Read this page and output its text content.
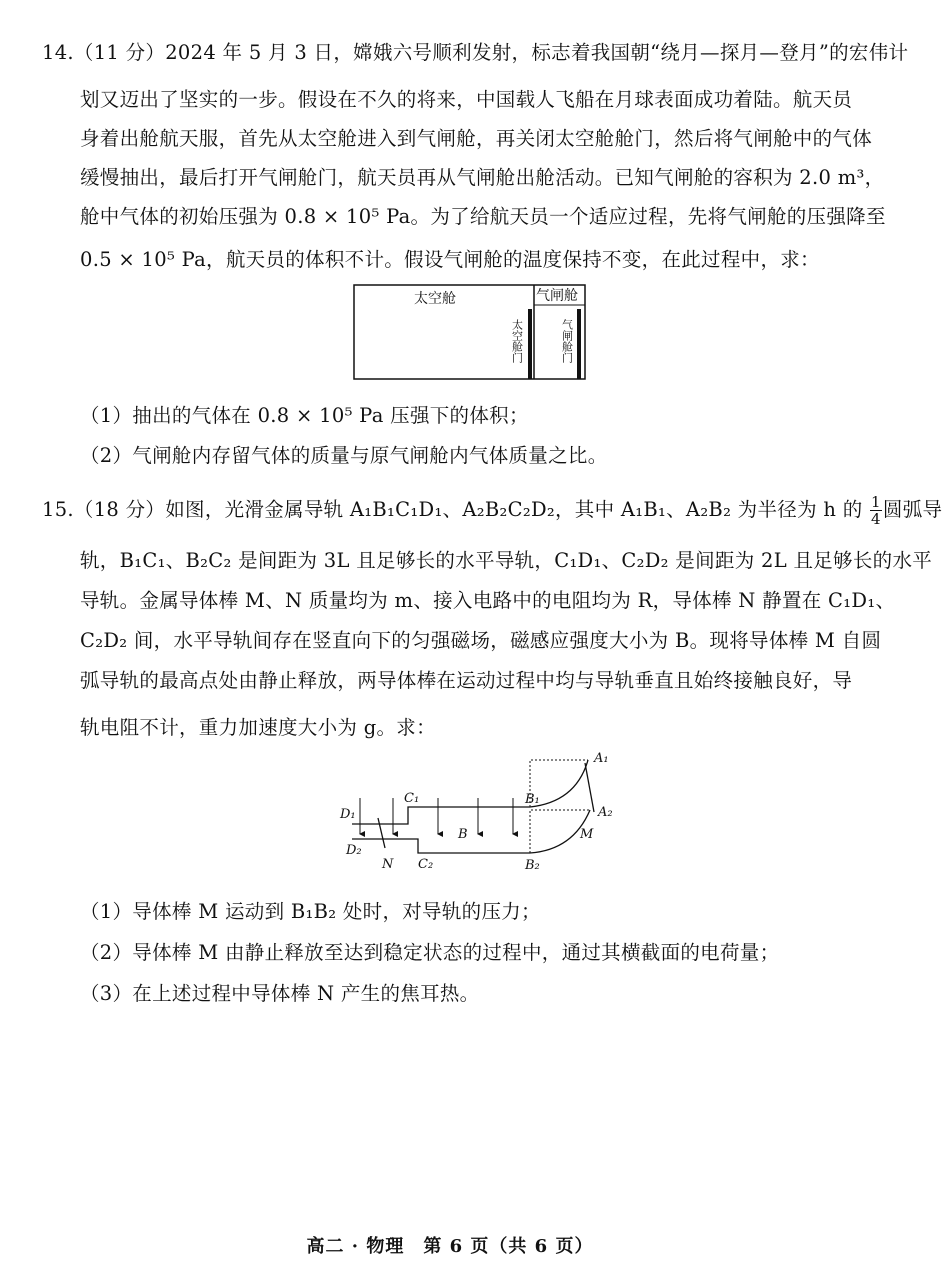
14.（11 分）2024 年 5 月 3 日，嫦娥六号顺利发射，标志着我国朝“绕月—探月—登月”的宏伟计
划又迈出了坚实的一步。假设在不久的将来，中国载人飞船在月球表面成功着陆。航天员
身着出舱航天服，首先从太空舱进入到气闸舱，再关闭太空舱舱门，然后将气闸舱中的气体
缓慢抽出，最后打开气闸舱门，航天员再从气闸舱出舱活动。已知气闸舱的容积为 2.0 m³，
舱中气体的初始压强为 0.8 × 10⁵ Pa。为了给航天员一个适应过程，先将气闸舱的压强降至
0.5 × 10⁵ Pa，航天员的体积不计。假设气闸舱的温度保持不变，在此过程中，求：
太空舱	气闸舱
太空舱门	气闸舱门
（1）抽出的气体在 0.8 × 10⁵ Pa 压强下的体积；
（2）气闸舱内存留气体的质量与原气闸舱内气体质量之比。
15.（18 分）如图，光滑金属导轨 A₁B₁C₁D₁、A₂B₂C₂D₂，其中 A₁B₁、A₂B₂ 为半径为 h 的 $\frac{1}{4}$ 圆弧导
轨，B₁C₁、B₂C₂ 是间距为 3L 且足够长的水平导轨，C₁D₁、C₂D₂ 是间距为 2L 且足够长的水平
导轨。金属导体棒 M、N 质量均为 m、接入电路中的电阻均为 R，导体棒 N 静置在 C₁D₁、
C₂D₂ 间，水平导轨间存在竖直向下的匀强磁场，磁感应强度大小为 B。现将导体棒 M 自圆
弧导轨的最高点处由静止释放，两导体棒在运动过程中均与导轨垂直且始终接触良好，导
轨电阻不计，重力加速度大小为 g。求：
A₁
A₂
B₁
B₂
C₁
C₂
D₁
D₂
M
N
B
（1）导体棒 M 运动到 B₁B₂ 处时，对导轨的压力；
（2）导体棒 M 由静止释放至达到稳定状态的过程中，通过其横截面的电荷量；
（3）在上述过程中导体棒 N 产生的焦耳热。
高二 · 物理　第 6 页（共 6 页）
